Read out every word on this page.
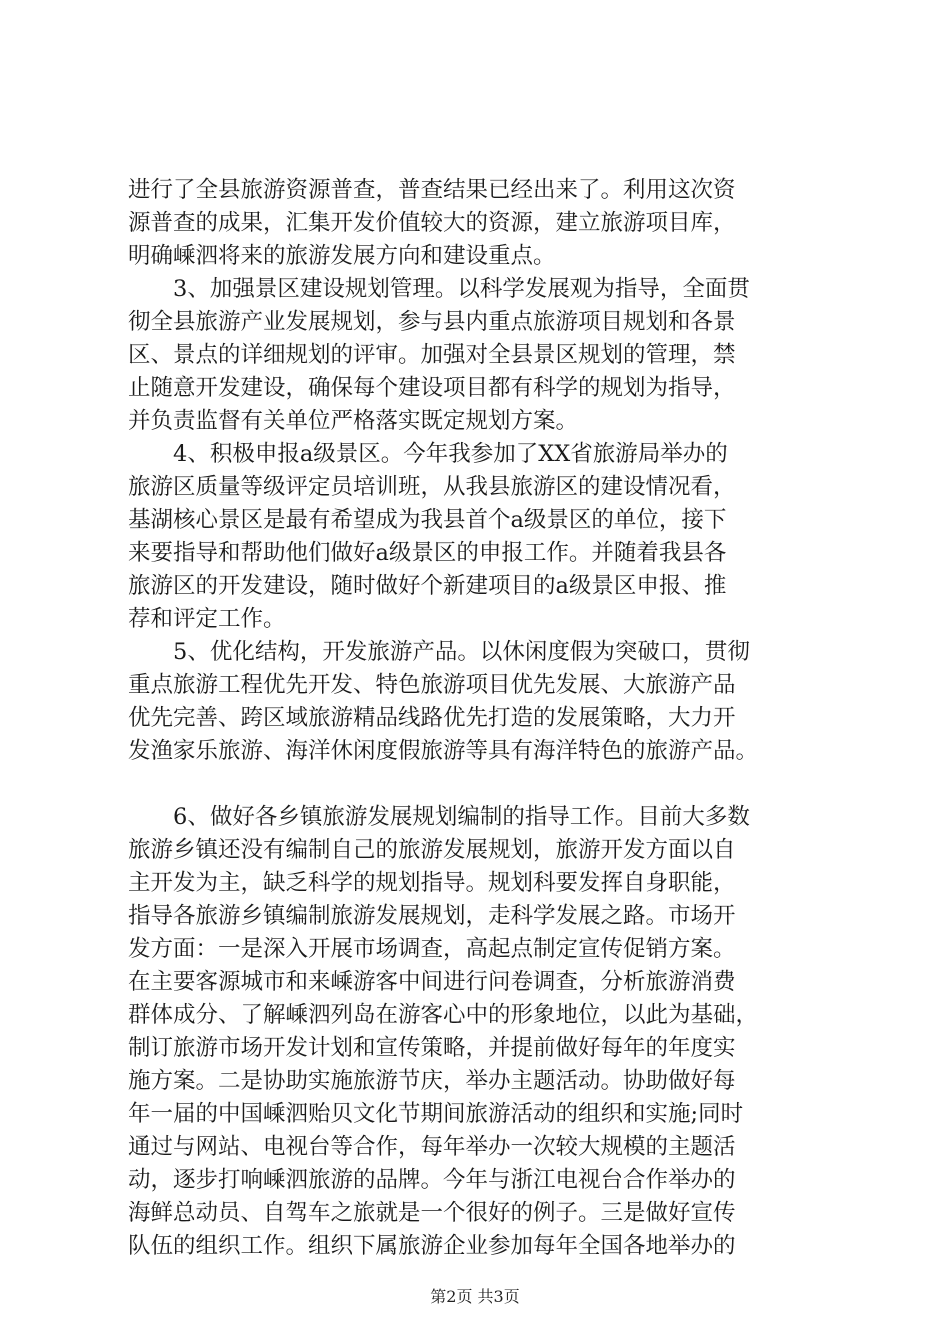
进行了全县旅游资源普查，普查结果已经出来了。利用这次资
源普查的成果，汇集开发价值较大的资源，建立旅游项目库，
明确嵊泗将来的旅游发展方向和建设重点。
3、加强景区建设规划管理。以科学发展观为指导，全面贯
彻全县旅游产业发展规划，参与县内重点旅游项目规划和各景
区、景点的详细规划的评审。加强对全县景区规划的管理，禁
止随意开发建设，确保每个建设项目都有科学的规划为指导，
并负责监督有关单位严格落实既定规划方案。
4、积极申报a级景区。今年我参加了XX省旅游局举办的
旅游区质量等级评定员培训班，从我县旅游区的建设情况看，
基湖核心景区是最有希望成为我县首个a级景区的单位，接下
来要指导和帮助他们做好a级景区的申报工作。并随着我县各
旅游区的开发建设，随时做好个新建项目的a级景区申报、推
荐和评定工作。
5、优化结构，开发旅游产品。以休闲度假为突破口，贯彻
重点旅游工程优先开发、特色旅游项目优先发展、大旅游产品
优先完善、跨区域旅游精品线路优先打造的发展策略，大力开
发渔家乐旅游、海洋休闲度假旅游等具有海洋特色的旅游产品。
6、做好各乡镇旅游发展规划编制的指导工作。目前大多数
旅游乡镇还没有编制自己的旅游发展规划，旅游开发方面以自
主开发为主，缺乏科学的规划指导。规划科要发挥自身职能，
指导各旅游乡镇编制旅游发展规划，走科学发展之路。市场开
发方面：一是深入开展市场调查，高起点制定宣传促销方案。
在主要客源城市和来嵊游客中间进行问卷调查，分析旅游消费
群体成分、了解嵊泗列岛在游客心中的形象地位，以此为基础，
制订旅游市场开发计划和宣传策略，并提前做好每年的年度实
施方案。二是协助实施旅游节庆，举办主题活动。协助做好每
年一届的中国嵊泗贻贝文化节期间旅游活动的组织和实施;同时
通过与网站、电视台等合作，每年举办一次较大规模的主题活
动，逐步打响嵊泗旅游的品牌。今年与浙江电视台合作举办的
海鲜总动员、自驾车之旅就是一个很好的例子。三是做好宣传
队伍的组织工作。组织下属旅游企业参加每年全国各地举办的
第2页 共3页
